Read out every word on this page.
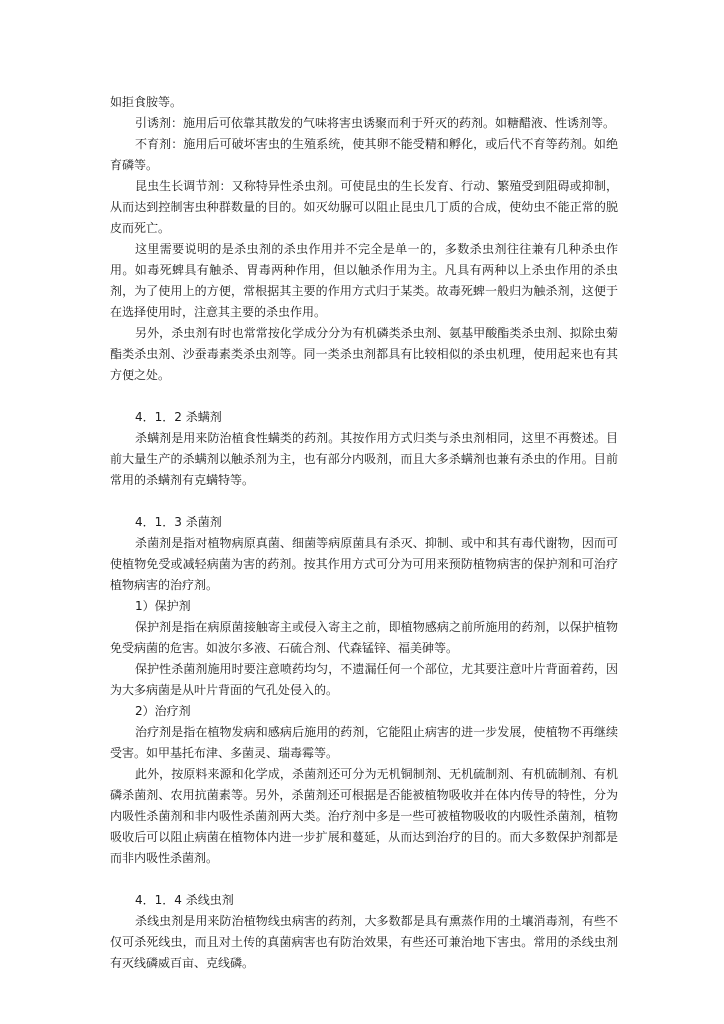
如拒食胺等。

引诱剂：施用后可依靠其散发的气味将害虫诱聚而利于歼灭的药剂。如糖醋液、性诱剂等。

不育剂：施用后可破坏害虫的生殖系统，使其卵不能受精和孵化，或后代不育等药剂。如绝育磷等。

昆虫生长调节剂：又称特异性杀虫剂。可使昆虫的生长发育、行动、繁殖受到阻碍或抑制，从而达到控制害虫种群数量的目的。如灭幼脲可以阻止昆虫几丁质的合成，使幼虫不能正常的脱皮而死亡。

这里需要说明的是杀虫剂的杀虫作用并不完全是单一的，多数杀虫剂往往兼有几种杀虫作用。如毒死蜱具有触杀、胃毒两种作用，但以触杀作用为主。凡具有两种以上杀虫作用的杀虫剂，为了使用上的方便，常根据其主要的作用方式归于某类。故毒死蜱一般归为触杀剂，这便于在选择使用时，注意其主要的杀虫作用。

另外，杀虫剂有时也常常按化学成分分为有机磷类杀虫剂、氨基甲酸酯类杀虫剂、拟除虫菊酯类杀虫剂、沙蚕毒素类杀虫剂等。同一类杀虫剂都具有比较相似的杀虫机理，使用起来也有其方便之处。

4．1．2 杀螨剂

杀螨剂是用来防治植食性螨类的药剂。其按作用方式归类与杀虫剂相同，这里不再赘述。目前大量生产的杀螨剂以触杀剂为主，也有部分内吸剂，而且大多杀螨剂也兼有杀虫的作用。目前常用的杀螨剂有克螨特等。

4．1．3 杀菌剂

杀菌剂是指对植物病原真菌、细菌等病原菌具有杀灭、抑制、或中和其有毒代谢物，因而可使植物免受或减轻病菌为害的药剂。按其作用方式可分为可用来预防植物病害的保护剂和可治疗植物病害的治疗剂。

1）保护剂

保护剂是指在病原菌接触寄主或侵入寄主之前，即植物感病之前所施用的药剂，以保护植物免受病菌的危害。如波尔多液、石硫合剂、代森锰锌、福美砷等。

保护性杀菌剂施用时要注意喷药均匀，不遗漏任何一个部位，尤其要注意叶片背面着药，因为大多病菌是从叶片背面的气孔处侵入的。

2）治疗剂

治疗剂是指在植物发病和感病后施用的药剂，它能阻止病害的进一步发展，使植物不再继续受害。如甲基托布津、多菌灵、瑞毒霉等。

此外，按原料来源和化学成，杀菌剂还可分为无机铜制剂、无机硫制剂、有机硫制剂、有机磷杀菌剂、农用抗菌素等。另外，杀菌剂还可根据是否能被植物吸收并在体内传导的特性，分为内吸性杀菌剂和非内吸性杀菌剂两大类。治疗剂中多是一些可被植物吸收的内吸性杀菌剂，植物吸收后可以阻止病菌在植物体内进一步扩展和蔓延，从而达到治疗的目的。而大多数保护剂都是而非内吸性杀菌剂。

4．1．4 杀线虫剂

杀线虫剂是用来防治植物线虫病害的药剂，大多数都是具有熏蒸作用的土壤消毒剂，有些不仅可杀死线虫，而且对土传的真菌病害也有防治效果，有些还可兼治地下害虫。常用的杀线虫剂有灭线磷威百亩、克线磷。
